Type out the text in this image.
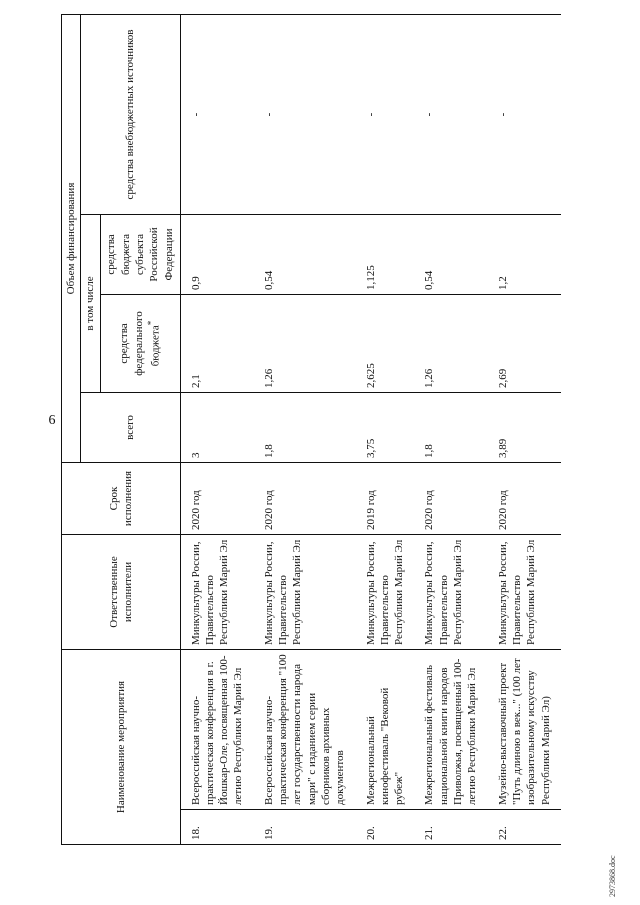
6
Наименование мероприятия		Ответственные исполнители	Срок исполнения	Объем финансирования			
				всего	в том числе		средства внебюджетных источников
					средства федерального бюджета*	средства бюджета субъекта Российской Федерации	
18.	Всероссийская научно-практическая конференция в г. Йошкар-Оле, посвященная 100-летию Республики Марий Эл	Минкультуры России, Правительство Республики Марий Эл	2020 год	3	2,1	0,9	-
19.	Всероссийская научно-практическая конференция "100 лет государственности народа мари" с изданием серии сборников архивных документов	Минкультуры России, Правительство Республики Марий Эл	2020 год	1,8	1,26	0,54	-
20.	Межрегиональный кинофестиваль "Вековой рубеж"	Минкультуры России, Правительство Республики Марий Эл	2019 год	3,75	2,625	1,125	-
21.	Межрегиональный фестиваль национальной книги народов Приволжья, посвященный 100-летию Республики Марий Эл	Минкультуры России, Правительство Республики Марий Эл	2020 год	1,8	1,26	0,54	-
22.	Музейно-выставочный проект "Путь длиною в век..." (100 лет изобразительному искусству Республики Марий Эл)	Минкультуры России, Правительство Республики Марий Эл	2020 год	3,89	2,69	1,2	-
2973868.doc
